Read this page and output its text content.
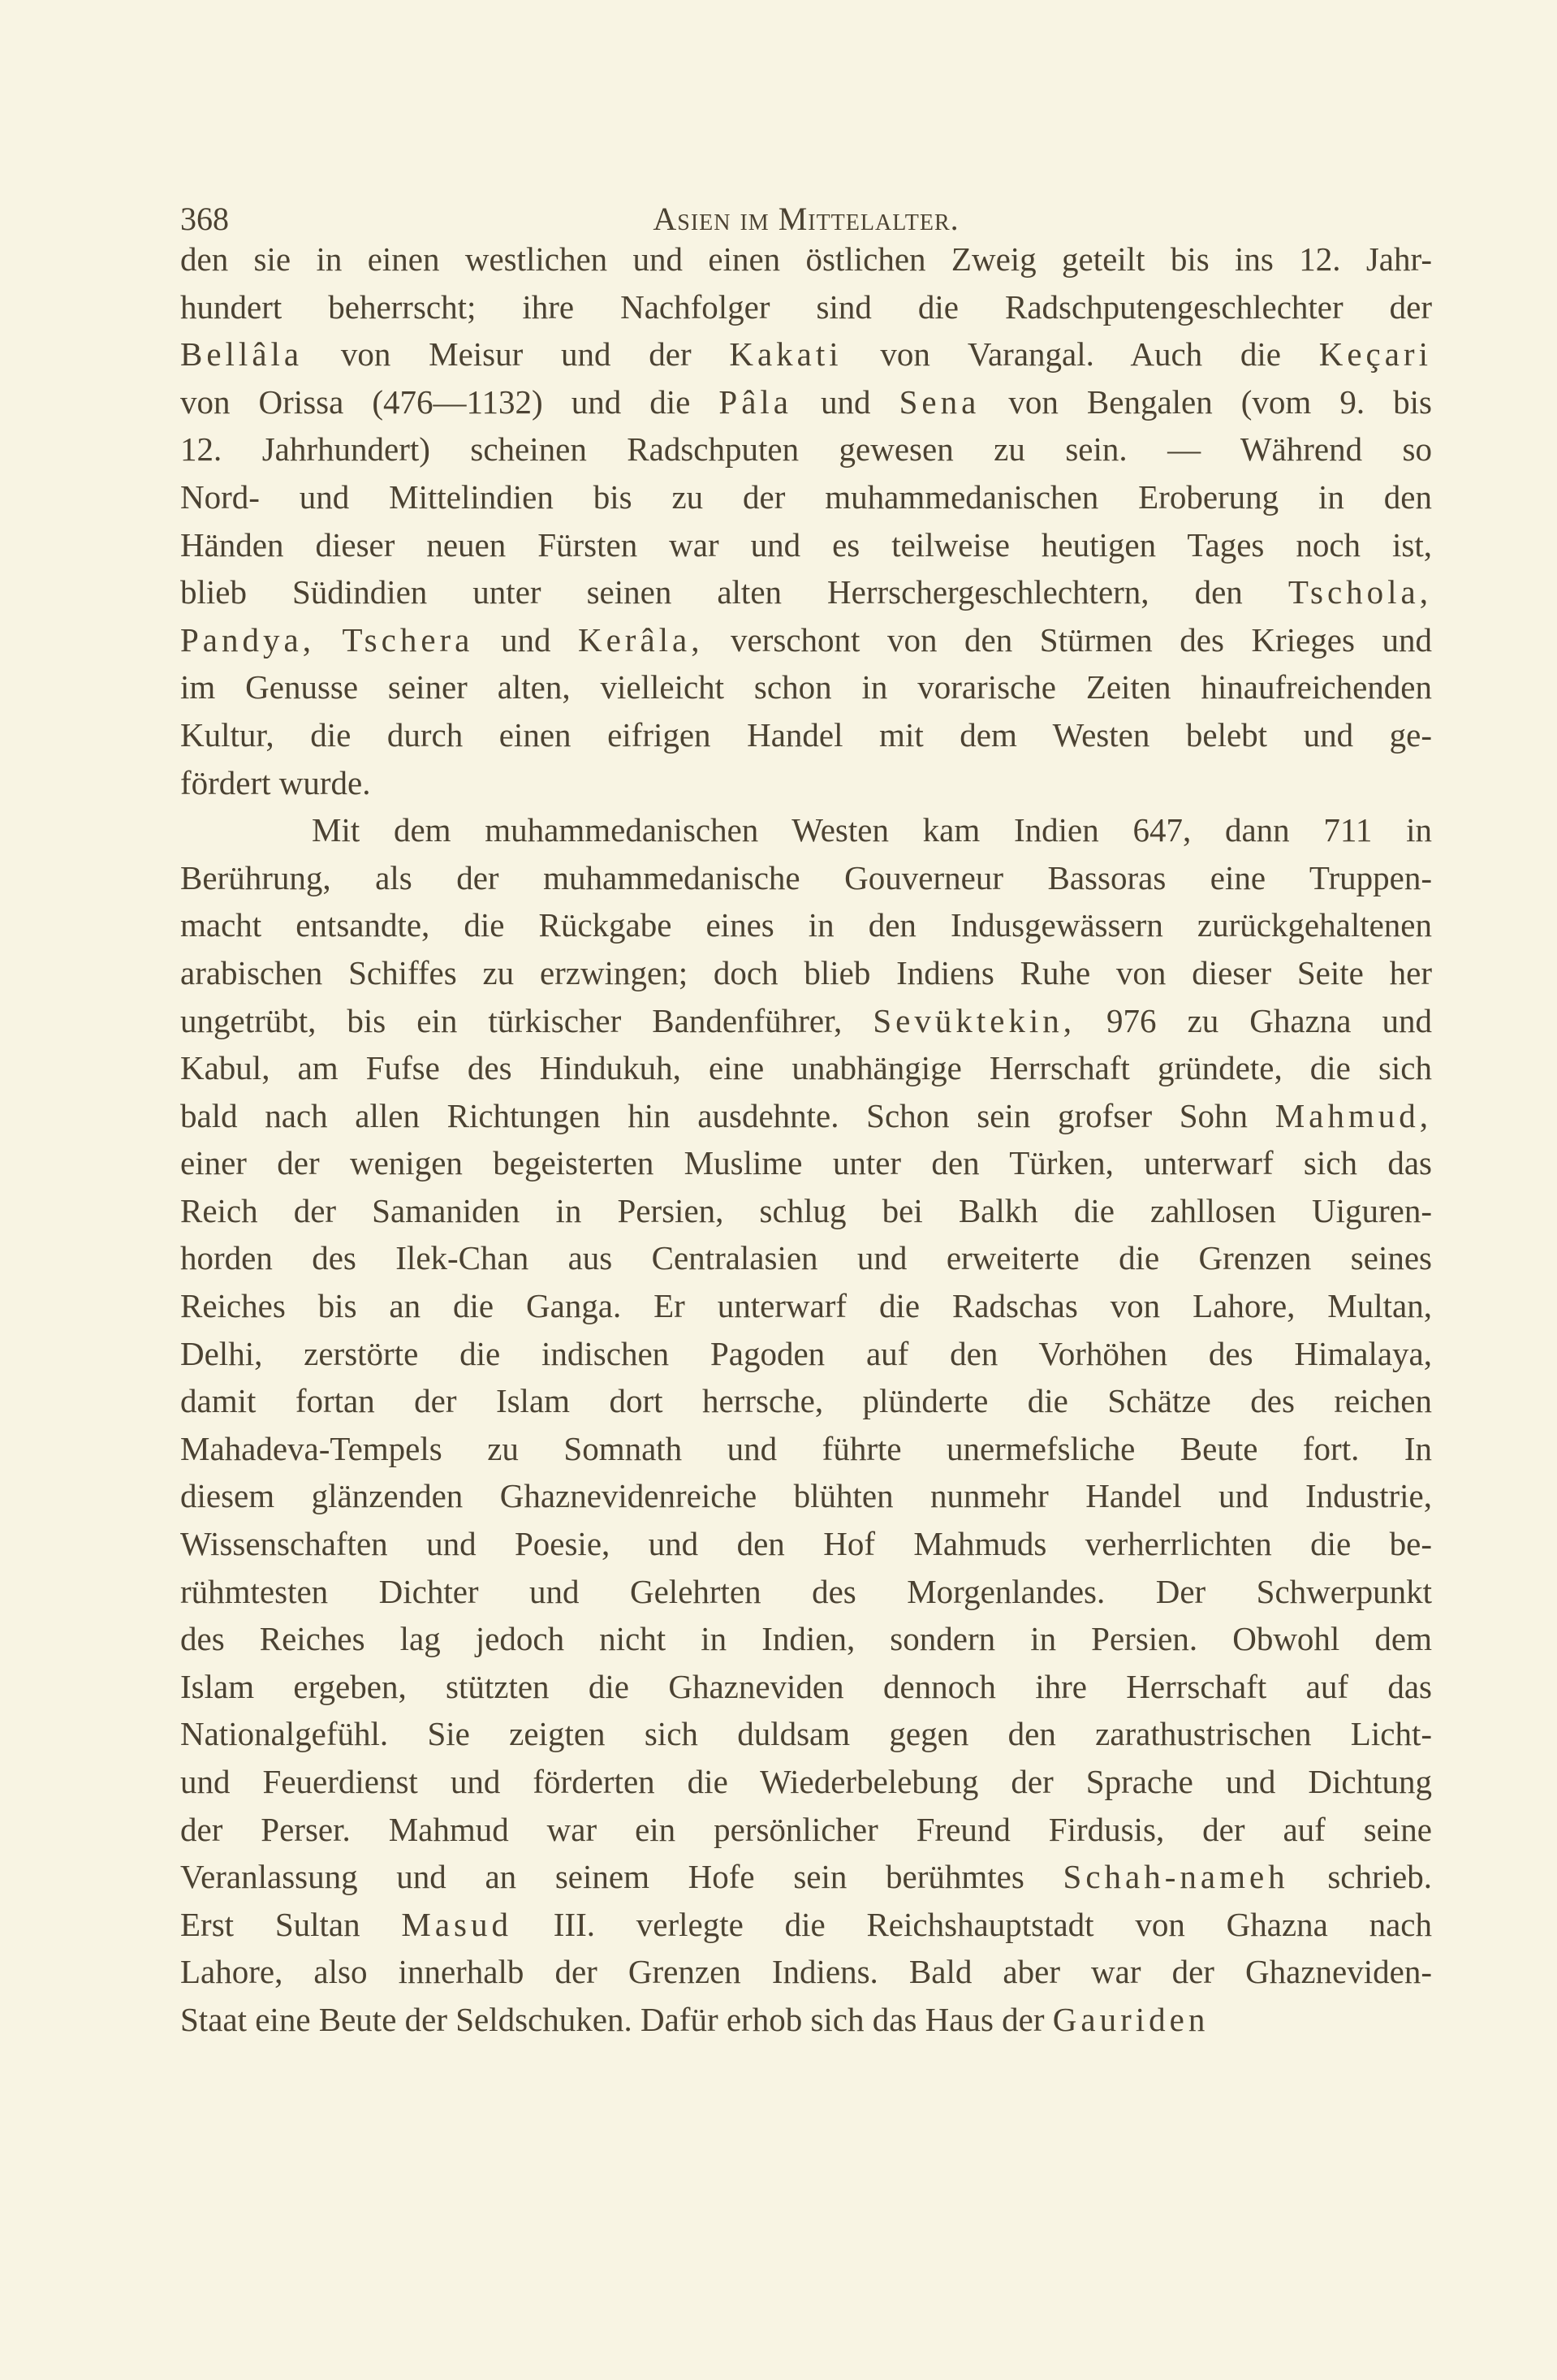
368	Asien im Mittelalter.
den sie in einen westlichen und einen östlichen Zweig geteilt bis ins 12. Jahr-
hundert beherrscht; ihre Nachfolger sind die Radschputengeschlechter der
Bellâla von Meisur und der Kakati von Varangal. Auch die Keçari
von Orissa (476—1132) und die Pâla und Sena von Bengalen (vom 9. bis
12. Jahrhundert) scheinen Radschputen gewesen zu sein. — Während so
Nord- und Mittelindien bis zu der muhammedanischen Eroberung in den
Händen dieser neuen Fürsten war und es teilweise heutigen Tages noch ist,
blieb Südindien unter seinen alten Herrschergeschlechtern, den Tschola,
Pandya, Tschera und Kerâla, verschont von den Stürmen des Krieges und
im Genusse seiner alten, vielleicht schon in vorarische Zeiten hinaufreichenden
Kultur, die durch einen eifrigen Handel mit dem Westen belebt und ge-
fördert wurde.
Mit dem muhammedanischen Westen kam Indien 647, dann 711 in
Berührung, als der muhammedanische Gouverneur Bassoras eine Truppen-
macht entsandte, die Rückgabe eines in den Indusgewässern zurückgehaltenen
arabischen Schiffes zu erzwingen; doch blieb Indiens Ruhe von dieser Seite her
ungetrübt, bis ein türkischer Bandenführer, Sevüktekin, 976 zu Ghazna und
Kabul, am Fufse des Hindukuh, eine unabhängige Herrschaft gründete, die sich
bald nach allen Richtungen hin ausdehnte. Schon sein grofser Sohn Mahmud,
einer der wenigen begeisterten Muslime unter den Türken, unterwarf sich das
Reich der Samaniden in Persien, schlug bei Balkh die zahllosen Uiguren-
horden des Ilek-Chan aus Centralasien und erweiterte die Grenzen seines
Reiches bis an die Ganga. Er unterwarf die Radschas von Lahore, Multan,
Delhi, zerstörte die indischen Pagoden auf den Vorhöhen des Himalaya,
damit fortan der Islam dort herrsche, plünderte die Schätze des reichen
Mahadeva-Tempels zu Somnath und führte unermefsliche Beute fort. In
diesem glänzenden Ghaznevidenreiche blühten nunmehr Handel und Industrie,
Wissenschaften und Poesie, und den Hof Mahmuds verherrlichten die be-
rühmtesten Dichter und Gelehrten des Morgenlandes. Der Schwerpunkt
des Reiches lag jedoch nicht in Indien, sondern in Persien. Obwohl dem
Islam ergeben, stützten die Ghazneviden dennoch ihre Herrschaft auf das
Nationalgefühl. Sie zeigten sich duldsam gegen den zarathustrischen Licht-
und Feuerdienst und förderten die Wiederbelebung der Sprache und Dichtung
der Perser. Mahmud war ein persönlicher Freund Firdusis, der auf seine
Veranlassung und an seinem Hofe sein berühmtes Schah-nameh schrieb.
Erst Sultan Masud III. verlegte die Reichshauptstadt von Ghazna nach
Lahore, also innerhalb der Grenzen Indiens. Bald aber war der Ghazneviden-
Staat eine Beute der Seldschuken. Dafür erhob sich das Haus der Gauriden
